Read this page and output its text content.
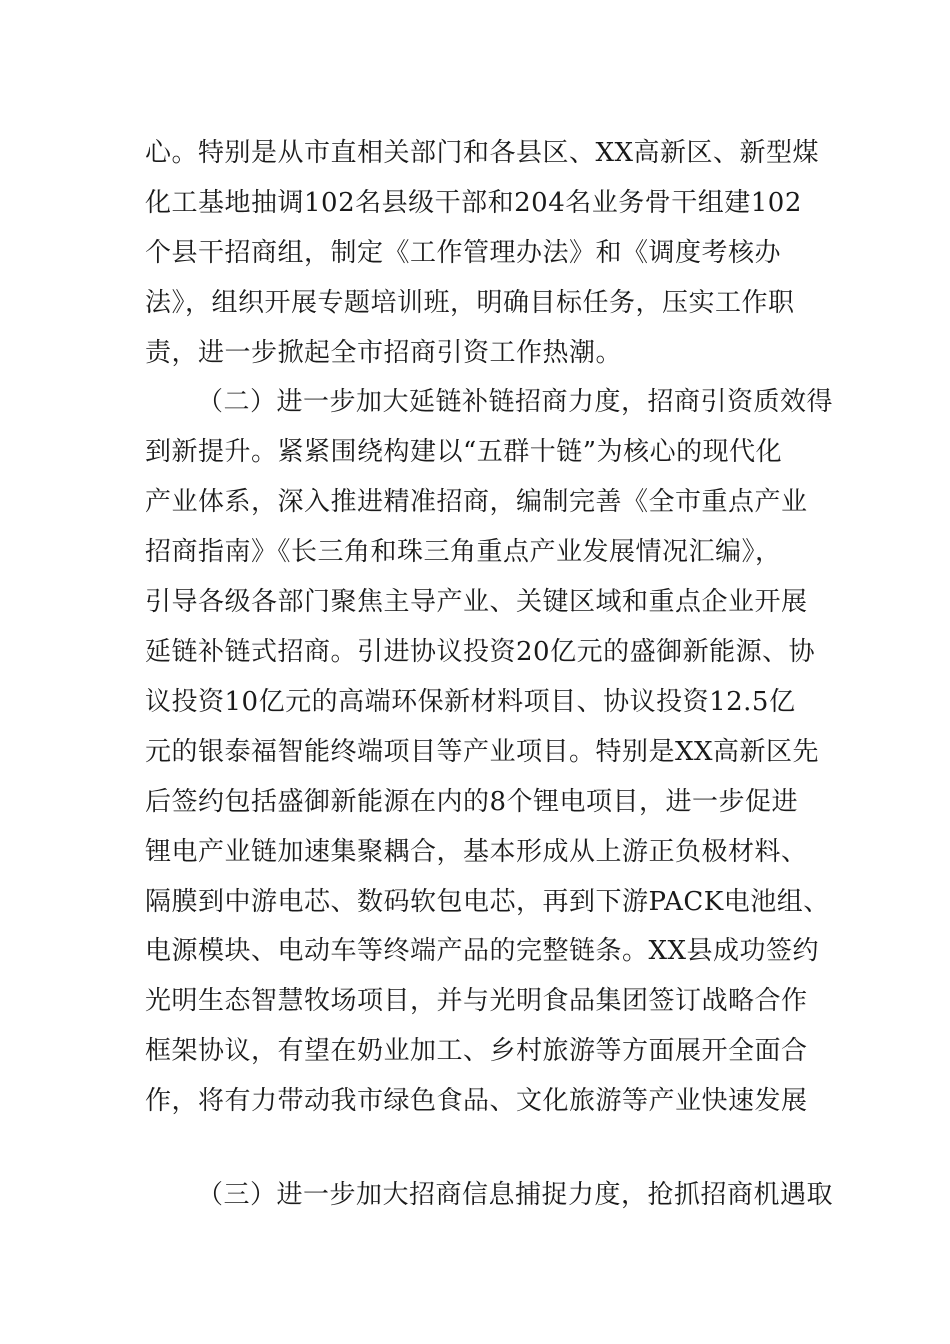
心。特别是从市直相关部门和各县区、XX高新区、新型煤
化工基地抽调102名县级干部和204名业务骨干组建102
个县干招商组，制定《工作管理办法》和《调度考核办
法》，组织开展专题培训班，明确目标任务，压实工作职
责，进一步掀起全市招商引资工作热潮。
（二）进一步加大延链补链招商力度，招商引资质效得
到新提升。紧紧围绕构建以“五群十链”为核心的现代化
产业体系，深入推进精准招商，编制完善《全市重点产业
招商指南》《长三角和珠三角重点产业发展情况汇编》，
引导各级各部门聚焦主导产业、关键区域和重点企业开展
延链补链式招商。引进协议投资20亿元的盛御新能源、协
议投资10亿元的高端环保新材料项目、协议投资12.5亿
元的银泰福智能终端项目等产业项目。特别是XX高新区先
后签约包括盛御新能源在内的8个锂电项目，进一步促进
锂电产业链加速集聚耦合，基本形成从上游正负极材料、
隔膜到中游电芯、数码软包电芯，再到下游PACK电池组、
电源模块、电动车等终端产品的完整链条。XX县成功签约
光明生态智慧牧场项目，并与光明食品集团签订战略合作
框架协议，有望在奶业加工、乡村旅游等方面展开全面合
作，将有力带动我市绿色食品、文化旅游等产业快速发展
（三）进一步加大招商信息捕捉力度，抢抓招商机遇取
